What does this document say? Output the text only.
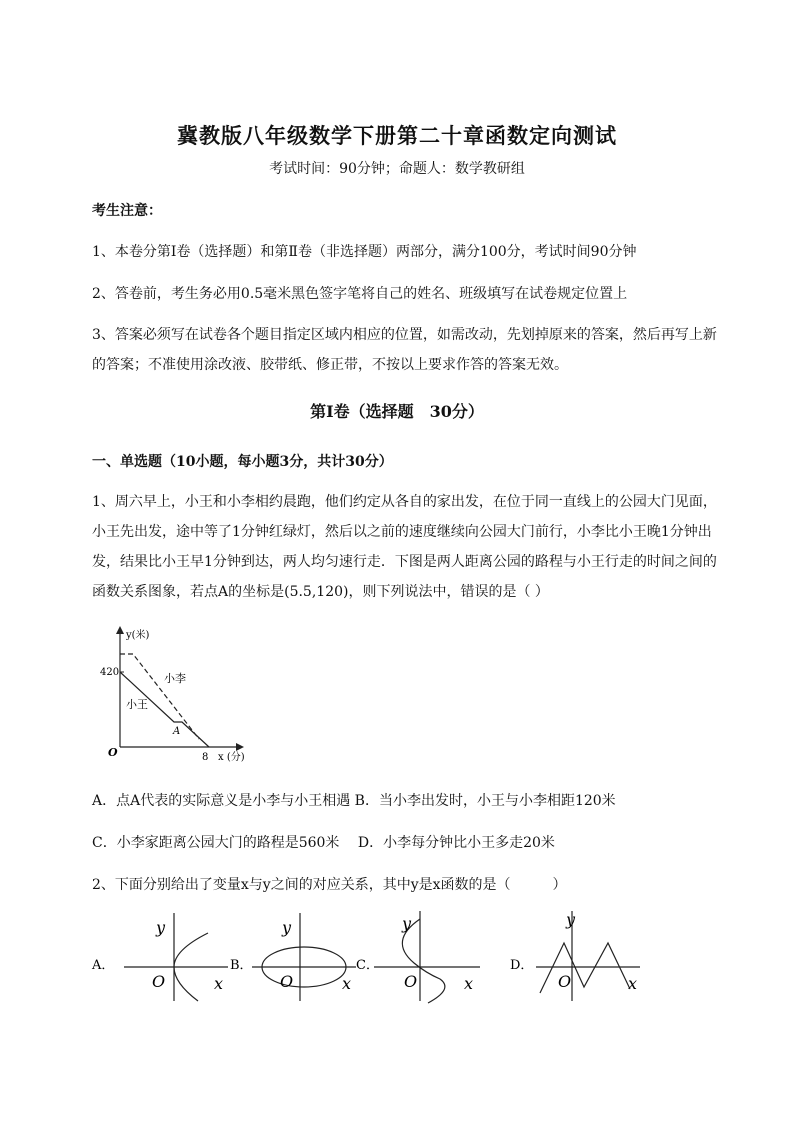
冀教版八年级数学下册第二十章函数定向测试
考试时间：90分钟；命题人：数学教研组
考生注意：
1、本卷分第Ⅰ卷（选择题）和第Ⅱ卷（非选择题）两部分，满分100分，考试时间90分钟
2、答卷前，考生务必用0.5毫米黑色签字笔将自己的姓名、班级填写在试卷规定位置上
3、答案必须写在试卷各个题目指定区域内相应的位置，如需改动，先划掉原来的答案，然后再写上新的答案；不准使用涂改液、胶带纸、修正带，不按以上要求作答的答案无效。
第Ⅰ卷（选择题　30分）
一、单选题（10小题，每小题3分，共计30分）
1、周六早上，小王和小李相约晨跑，他们约定从各自的家出发，在位于同一直线上的公园大门见面，小王先出发，途中等了1分钟红绿灯，然后以之前的速度继续向公园大门前行，小李比小王晚1分钟出发，结果比小王早1分钟到达，两人均匀速行走．下图是两人距离公园的路程与小王行走的时间之间的函数关系图象，若点A的坐标是(5.5,120)，则下列说法中，错误的是（ ）
420
y(米)
x (分)
8
O
小李
小王
A
A．点A代表的实际意义是小李与小王相遇 B．当小李出发时，小王与小李相距120米
C．小李家距离公园大门的路程是560米　 D．小李每分钟比小王多走20米
2、下面分别给出了变量x与y之间的对应关系，其中y是x函数的是（　　　）
A．
y
O	x
B．
y
O	x
C．
y
O	x
D．
y
O	x
